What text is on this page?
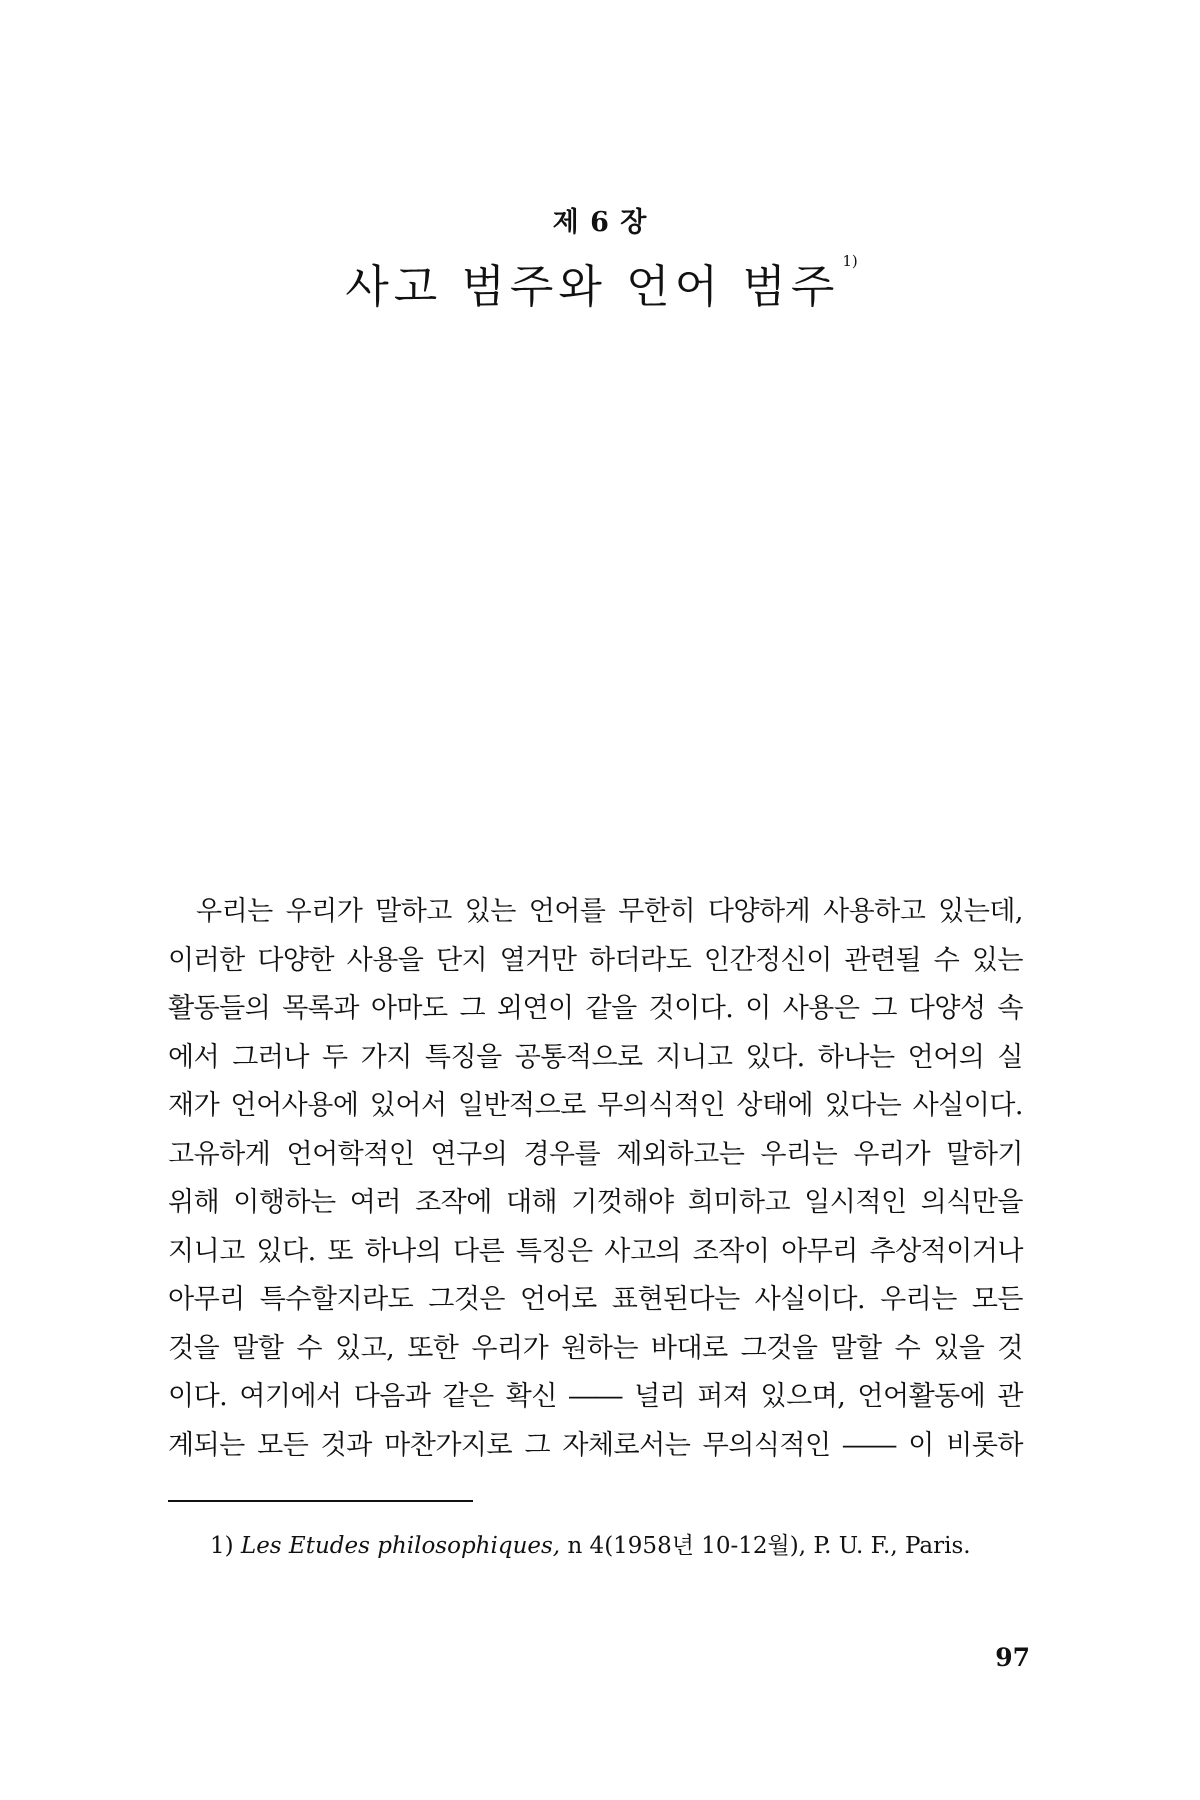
제 6 장
사고 범주와 언어 범주 $^{1)}$
우리는 우리가 말하고 있는 언어를 무한히 다양하게 사용하고 있는데,
이러한 다양한 사용을 단지 열거만 하더라도 인간정신이 관련될 수 있는
활동들의 목록과 아마도 그 외연이 같을 것이다. 이 사용은 그 다양성 속
에서 그러나 두 가지 특징을 공통적으로 지니고 있다. 하나는 언어의 실
재가 언어사용에 있어서 일반적으로 무의식적인 상태에 있다는 사실이다.
고유하게 언어학적인 연구의 경우를 제외하고는 우리는 우리가 말하기
위해 이행하는 여러 조작에 대해 기껏해야 희미하고 일시적인 의식만을
지니고 있다. 또 하나의 다른 특징은 사고의 조작이 아무리 추상적이거나
아무리 특수할지라도 그것은 언어로 표현된다는 사실이다. 우리는 모든
것을 말할 수 있고, 또한 우리가 원하는 바대로 그것을 말할 수 있을 것
이다. 여기에서 다음과 같은 확신 ―― 널리 퍼져 있으며, 언어활동에 관
계되는 모든 것과 마찬가지로 그 자체로서는 무의식적인 ―― 이 비롯하
1) Les Etudes philosophiques, n 4(1958년 10-12월), P. U. F., Paris.
97
